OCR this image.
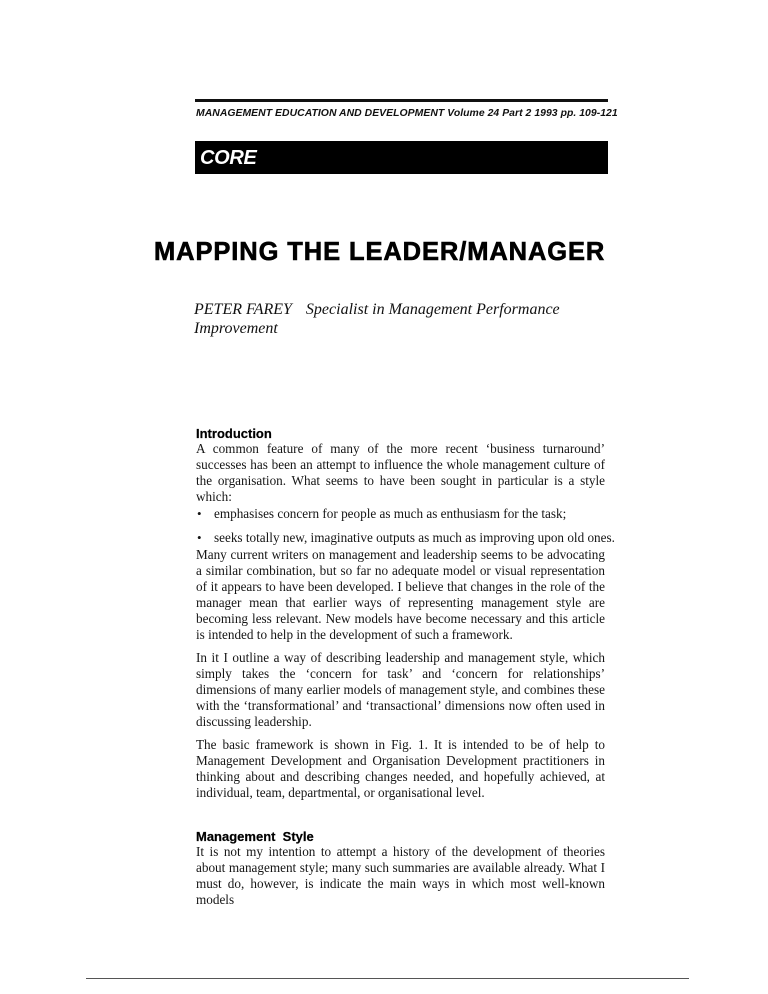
MANAGEMENT EDUCATION AND DEVELOPMENT Volume 24 Part 2 1993 pp. 109-121
CORE
MAPPING THE LEADER/MANAGER
PETER FAREY Specialist in Management Performance
Improvement
Introduction

A common feature of many of the more recent ‘business turnaround’ successes has been an attempt to influence the whole management culture of the organisation. What seems to have been sought in particular is a style which:

• emphasises concern for people as much as enthusiasm for the task;
• seeks totally new, imaginative outputs as much as improving upon old ones.

Many current writers on management and leadership seems to be advocating a similar combination, but so far no adequate model or visual representation of it appears to have been developed. I believe that changes in the role of the manager mean that earlier ways of representing management style are becoming less relevant. New models have become necessary and this article is intended to help in the development of such a framework.

In it I outline a way of describing leadership and management style, which simply takes the ‘concern for task’ and ‘concern for relationships’ dimensions of many earlier models of management style, and combines these with the ‘transformational’ and ‘transactional’ dimensions now often used in discussing leadership.

The basic framework is shown in Fig. 1. It is intended to be of help to Management Development and Organisation Development practitioners in thinking about and describing changes needed, and hopefully achieved, at individual, team, departmental, or organisational level.

Management  Style

It is not my intention to attempt a history of the development of theories about management style; many such summaries are available already. What I must do, however, is indicate the main ways in which most well-known models
